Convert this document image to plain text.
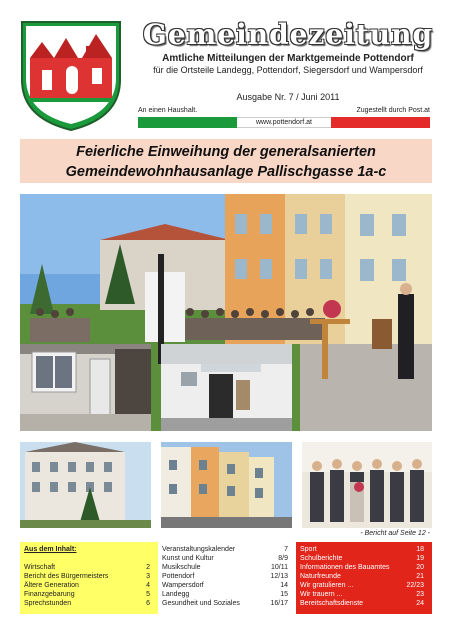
Gemeindezeitung
Amtliche Mitteilungen der Marktgemeinde Pottendorf
für die Ortsteile Landegg, Pottendorf, Siegersdorf und Wampersdorf
Ausgabe Nr. 7 / Juni 2011
An einen Haushalt.	Zugestellt durch Post.at
www.pottendorf.at
Feierliche Einweihung der generalsanierten
Gemeindewohnhausanlage Pallischgasse 1a-c
- Bericht auf Seite 12 -
Aus dem Inhalt:
Wirtschaft	2
Bericht des Bürgermeisters	3
Ältere Generation	4
Finanzgebarung	5
Sprechstunden	6
Veranstaltungskalender	7
Kunst und Kultur	8/9
Musikschule	10/11
Pottendorf	12/13
Wampersdorf	14
Landegg	15
Gesundheit und Soziales	16/17
Sport	18
Schulberichte	19
Informationen des Bauamtes	20
Naturfreunde	21
Wir gratulieren ...	22/23
Wir trauern ...	23
Bereitschaftsdienste	24
